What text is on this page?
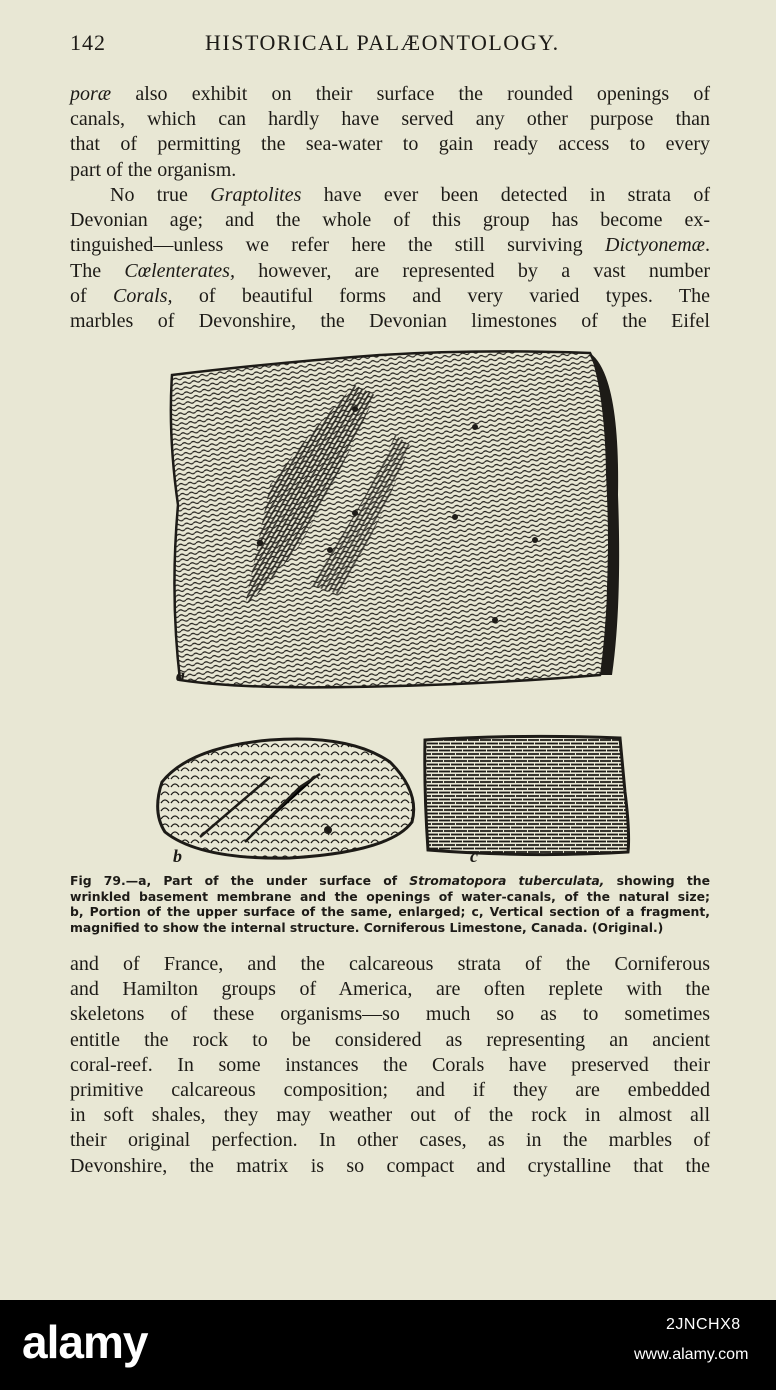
142	HISTORICAL PALÆONTOLOGY.
poræ also exhibit on their surface the rounded openings of
canals, which can hardly have served any other purpose than
that of permitting the sea-water to gain ready access to every
part of the organism.
No true Graptolites have ever been detected in strata of
Devonian age; and the whole of this group has become ex-
tinguished—unless we refer here the still surviving Dictyonemæ.
The Cœlenterates, however, are represented by a vast number
of Corals, of beautiful forms and very varied types. The
marbles of Devonshire, the Devonian limestones of the Eifel
a
b	c
Fig 79.—a, Part of the under surface of Stromatopora tuberculata, showing the
wrinkled basement membrane and the openings of water-canals, of the natural size;
b, Portion of the upper surface of the same, enlarged; c, Vertical section of a fragment,
magnified to show the internal structure. Corniferous Limestone, Canada. (Original.)
and of France, and the calcareous strata of the Corniferous
and Hamilton groups of America, are often replete with the
skeletons of these organisms—so much so as to sometimes
entitle the rock to be considered as representing an ancient
coral-reef. In some instances the Corals have preserved their
primitive calcareous composition; and if they are embedded
in soft shales, they may weather out of the rock in almost all
their original perfection. In other cases, as in the marbles of
Devonshire, the matrix is so compact and crystalline that the
alamy	2JNCHX8
www.alamy.com
